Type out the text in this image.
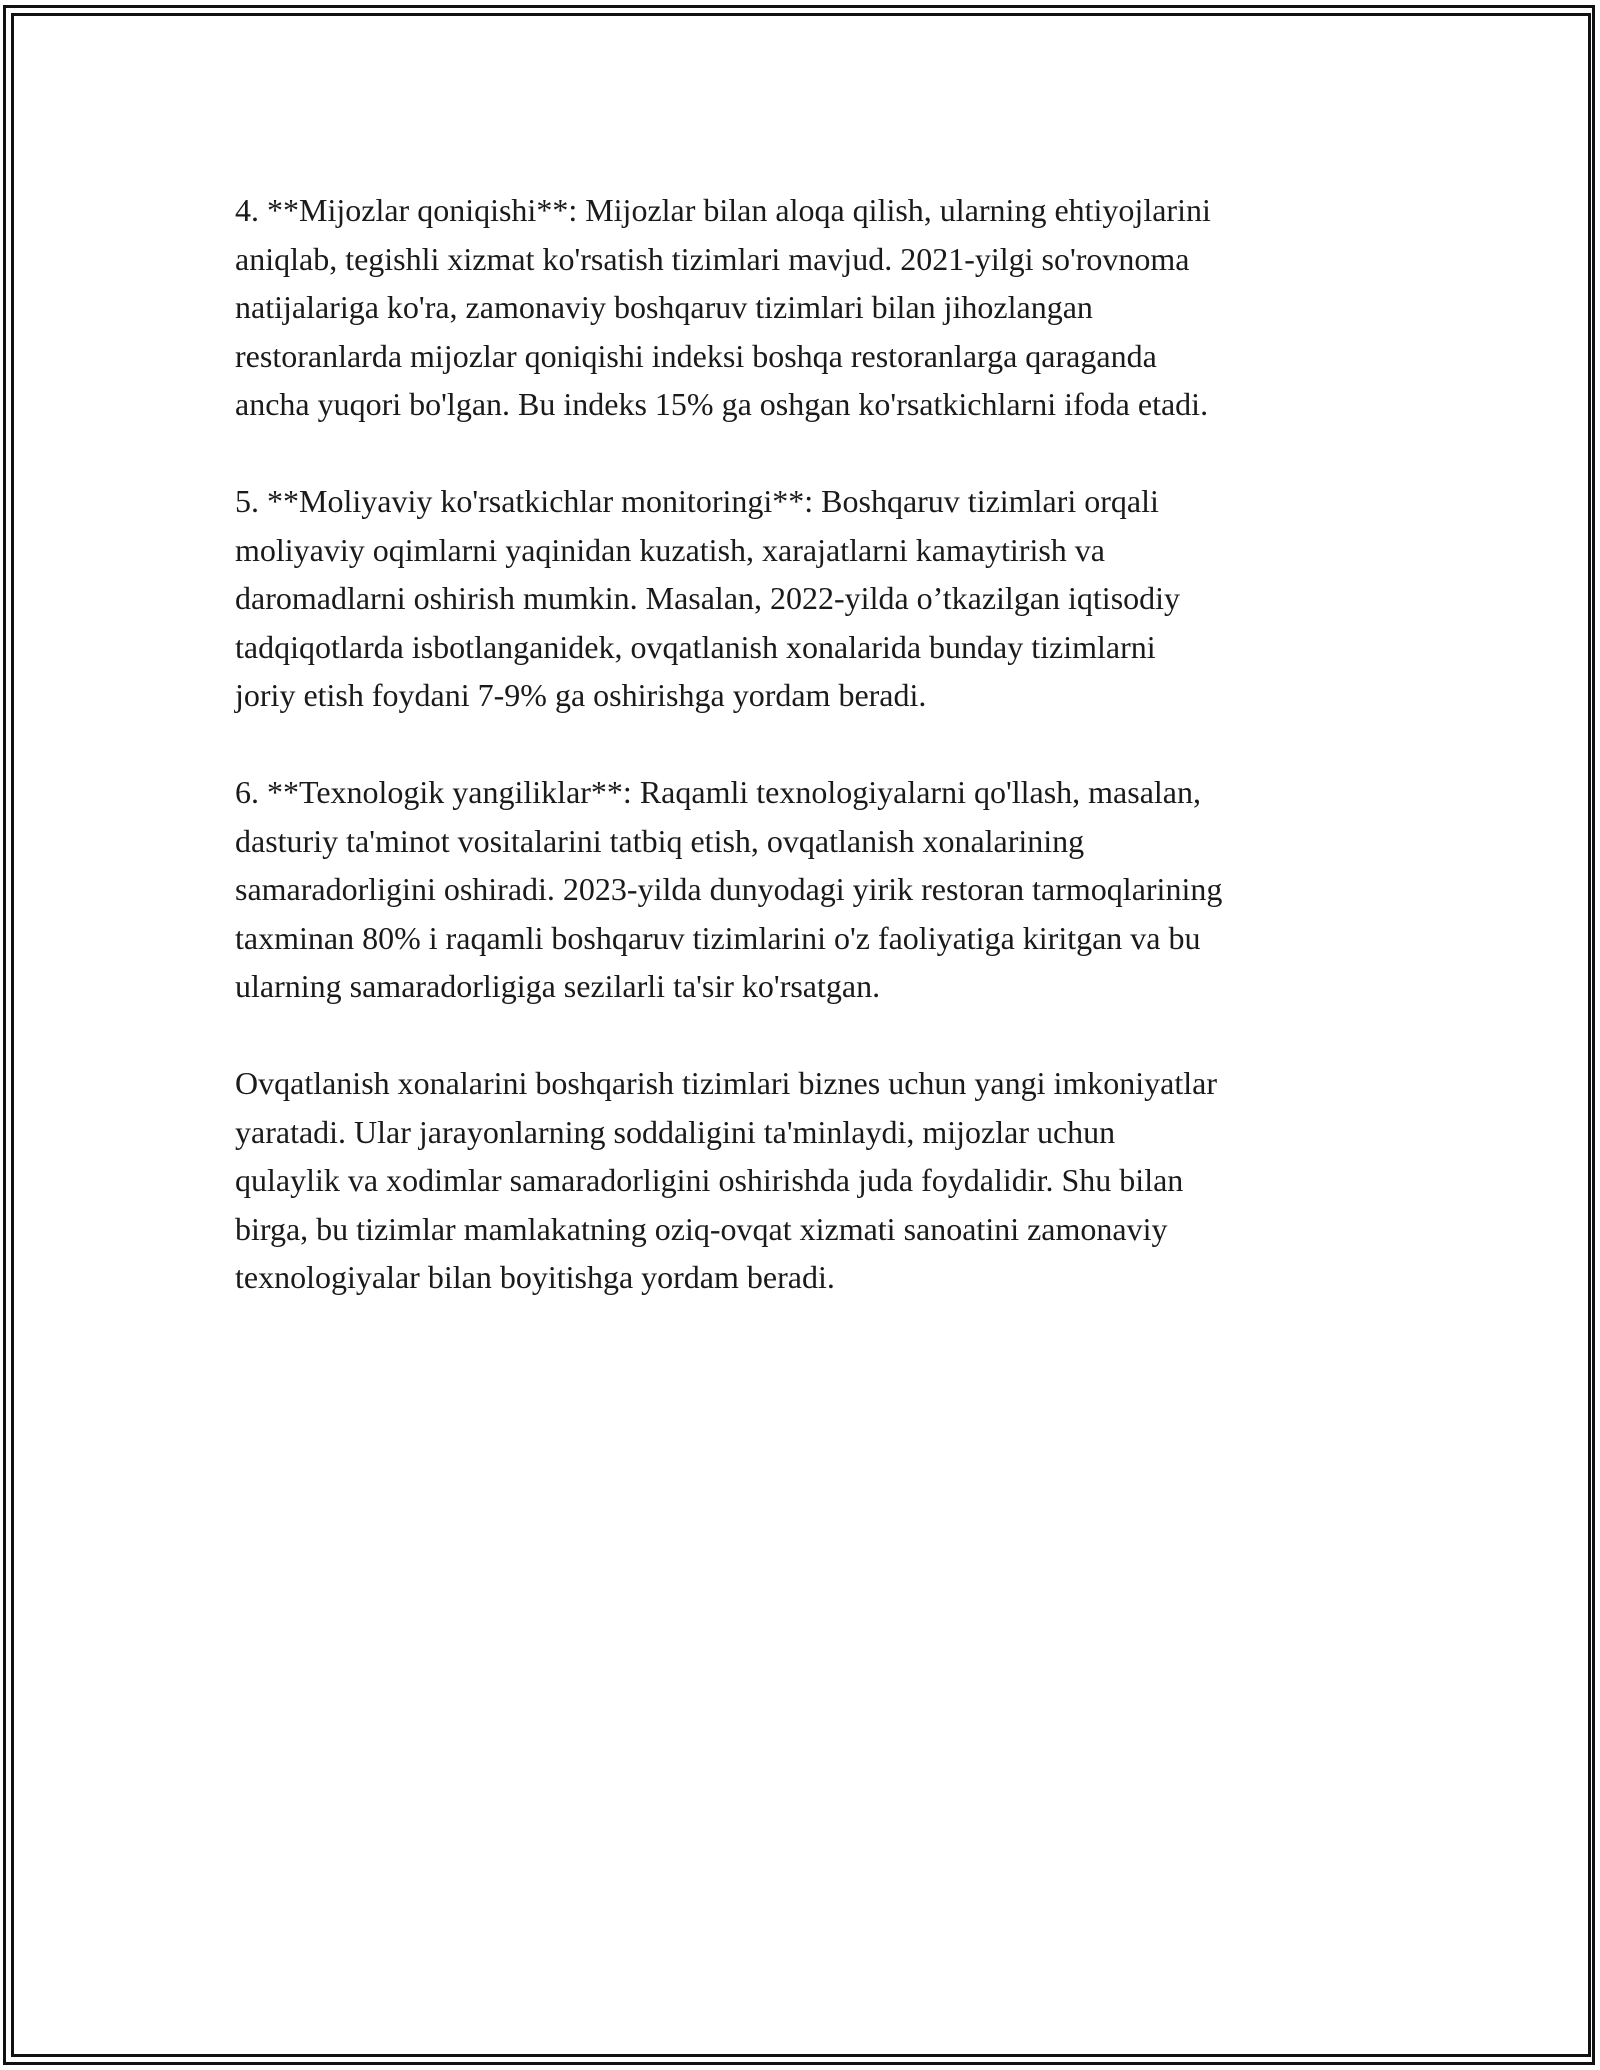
4. **Mijozlar qoniqishi**: Mijozlar bilan aloqa qilish, ularning ehtiyojlarini
aniqlab, tegishli xizmat ko'rsatish tizimlari mavjud. 2021-yilgi so'rovnoma
natijalariga ko'ra, zamonaviy boshqaruv tizimlari bilan jihozlangan
restoranlarda mijozlar qoniqishi indeksi boshqa restoranlarga qaraganda
ancha yuqori bo'lgan. Bu indeks 15% ga oshgan ko'rsatkichlarni ifoda etadi.

5. **Moliyaviy ko'rsatkichlar monitoringi**: Boshqaruv tizimlari orqali
moliyaviy oqimlarni yaqinidan kuzatish, xarajatlarni kamaytirish va
daromadlarni oshirish mumkin. Masalan, 2022-yilda o’tkazilgan iqtisodiy
tadqiqotlarda isbotlanganidek, ovqatlanish xonalarida bunday tizimlarni
joriy etish foydani 7-9% ga oshirishga yordam beradi.

6. **Texnologik yangiliklar**: Raqamli texnologiyalarni qo'llash, masalan,
dasturiy ta'minot vositalarini tatbiq etish, ovqatlanish xonalarining
samaradorligini oshiradi. 2023-yilda dunyodagi yirik restoran tarmoqlarining
taxminan 80% i raqamli boshqaruv tizimlarini o'z faoliyatiga kiritgan va bu
ularning samaradorligiga sezilarli ta'sir ko'rsatgan.

Ovqatlanish xonalarini boshqarish tizimlari biznes uchun yangi imkoniyatlar
yaratadi. Ular jarayonlarning soddaligini ta'minlaydi, mijozlar uchun
qulaylik va xodimlar samaradorligini oshirishda juda foydalidir. Shu bilan
birga, bu tizimlar mamlakatning oziq-ovqat xizmati sanoatini zamonaviy
texnologiyalar bilan boyitishga yordam beradi.
